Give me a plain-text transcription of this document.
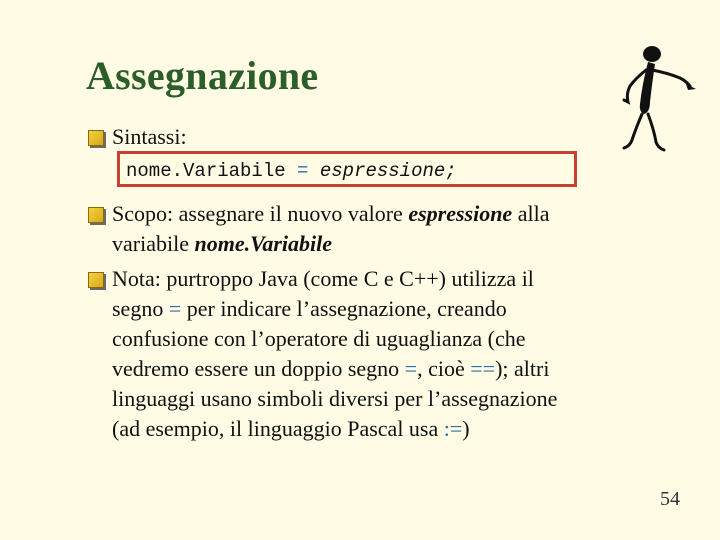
Assegnazione
Sintassi:
nome.Variabile = espressione;
Scopo: assegnare il nuovo valore espressione alla
variabile nome.Variabile
Nota: purtroppo Java (come C e C++) utilizza il
segno = per indicare l’assegnazione, creando
confusione con l’operatore di uguaglianza (che
vedremo essere un doppio segno =, cioè ==); altri
linguaggi usano simboli diversi per l’assegnazione
(ad esempio, il linguaggio Pascal usa :=)
54
